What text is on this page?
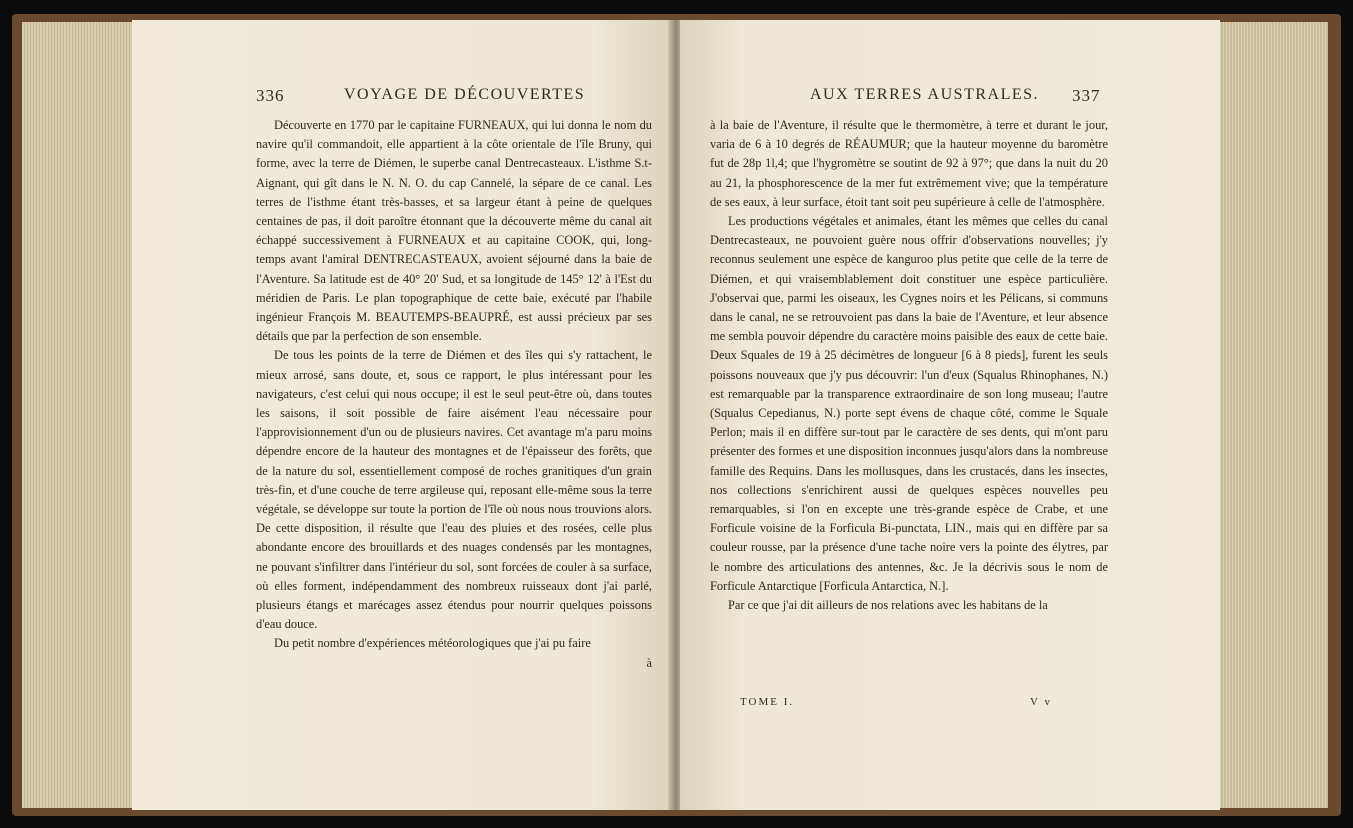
336	VOYAGE DE DÉCOUVERTES

Découverte en 1770 par le capitaine FURNEAUX, qui lui donna le nom du navire qu'il commandoit, elle appartient à la côte orientale de l'île Bruny, qui forme, avec la terre de Diémen, le superbe canal Dentrecasteaux. L'isthme S.t-Aignant, qui gît dans le N. N. O. du cap Cannelé, la sépare de ce canal. Les terres de l'isthme étant très-basses, et sa largeur étant à peine de quelques centaines de pas, il doit paroître étonnant que la découverte même du canal ait échappé successivement à FURNEAUX et au capitaine COOK, qui, long-temps avant l'amiral DENTRECASTEAUX, avoient séjourné dans la baie de l'Aventure. Sa latitude est de 40° 20' Sud, et sa longitude de 145° 12' à l'Est du méridien de Paris. Le plan topographique de cette baie, exécuté par l'habile ingénieur François M. BEAUTEMPS-BEAUPRÉ, est aussi précieux par ses détails que par la perfection de son ensemble.

De tous les points de la terre de Diémen et des îles qui s'y rattachent, le mieux arrosé, sans doute, et, sous ce rapport, le plus intéressant pour les navigateurs, c'est celui qui nous occupe; il est le seul peut-être où, dans toutes les saisons, il soit possible de faire aisément l'eau nécessaire pour l'approvisionnement d'un ou de plusieurs navires. Cet avantage m'a paru moins dépendre encore de la hauteur des montagnes et de l'épaisseur des forêts, que de la nature du sol, essentiellement composé de roches granitiques d'un grain très-fin, et d'une couche de terre argileuse qui, reposant elle-même sous la terre végétale, se développe sur toute la portion de l'île où nous nous trouvions alors. De cette disposition, il résulte que l'eau des pluies et des rosées, celle plus abondante encore des brouillards et des nuages condensés par les montagnes, ne pouvant s'infiltrer dans l'intérieur du sol, sont forcées de couler à sa surface, où elles forment, indépendamment des nombreux ruisseaux dont j'ai parlé, plusieurs étangs et marécages assez étendus pour nourrir quelques poissons d'eau douce.

Du petit nombre d'expériences météorologiques que j'ai pu faire

à

AUX TERRES AUSTRALES. 337

à la baie de l'Aventure, il résulte que le thermomètre, à terre et durant le jour, varia de 6 à 10 degrés de RÉAUMUR; que la hauteur moyenne du baromètre fut de 28p 1l,4; que l'hygromètre se soutint de 92 à 97°; que dans la nuit du 20 au 21, la phosphorescence de la mer fut extrêmement vive; que la température de ses eaux, à leur surface, étoit tant soit peu supérieure à celle de l'atmosphère.

Les productions végétales et animales, étant les mêmes que celles du canal Dentrecasteaux, ne pouvoient guère nous offrir d'observations nouvelles; j'y reconnus seulement une espèce de kanguroo plus petite que celle de la terre de Diémen, et qui vraisemblablement doit constituer une espèce particulière. J'observai que, parmi les oiseaux, les Cygnes noirs et les Pélicans, si communs dans le canal, ne se retrouvoient pas dans la baie de l'Aventure, et leur absence me sembla pouvoir dépendre du caractère moins paisible des eaux de cette baie. Deux Squales de 19 à 25 décimètres de longueur [6 à 8 pieds], furent les seuls poissons nouveaux que j'y pus découvrir: l'un d'eux (Squalus Rhinophanes, N.) est remarquable par la transparence extraordinaire de son long museau; l'autre (Squalus Cepedianus, N.) porte sept évens de chaque côté, comme le Squale Perlon; mais il en diffère sur-tout par le caractère de ses dents, qui m'ont paru présenter des formes et une disposition inconnues jusqu'alors dans la nombreuse famille des Requins. Dans les mollusques, dans les crustacés, dans les insectes, nos collections s'enrichirent aussi de quelques espèces nouvelles peu remarquables, si l'on en excepte une très-grande espèce de Crabe, et une Forficule voisine de la Forficula Bi-punctata, LIN., mais qui en diffère par sa couleur rousse, par la présence d'une tache noire vers la pointe des élytres, par le nombre des articulations des antennes, &c. Je la décrivis sous le nom de Forficule Antarctique [Forficula Antarctica, N.].

Par ce que j'ai dit ailleurs de nos relations avec les habitans de la

TOME I.	V v
